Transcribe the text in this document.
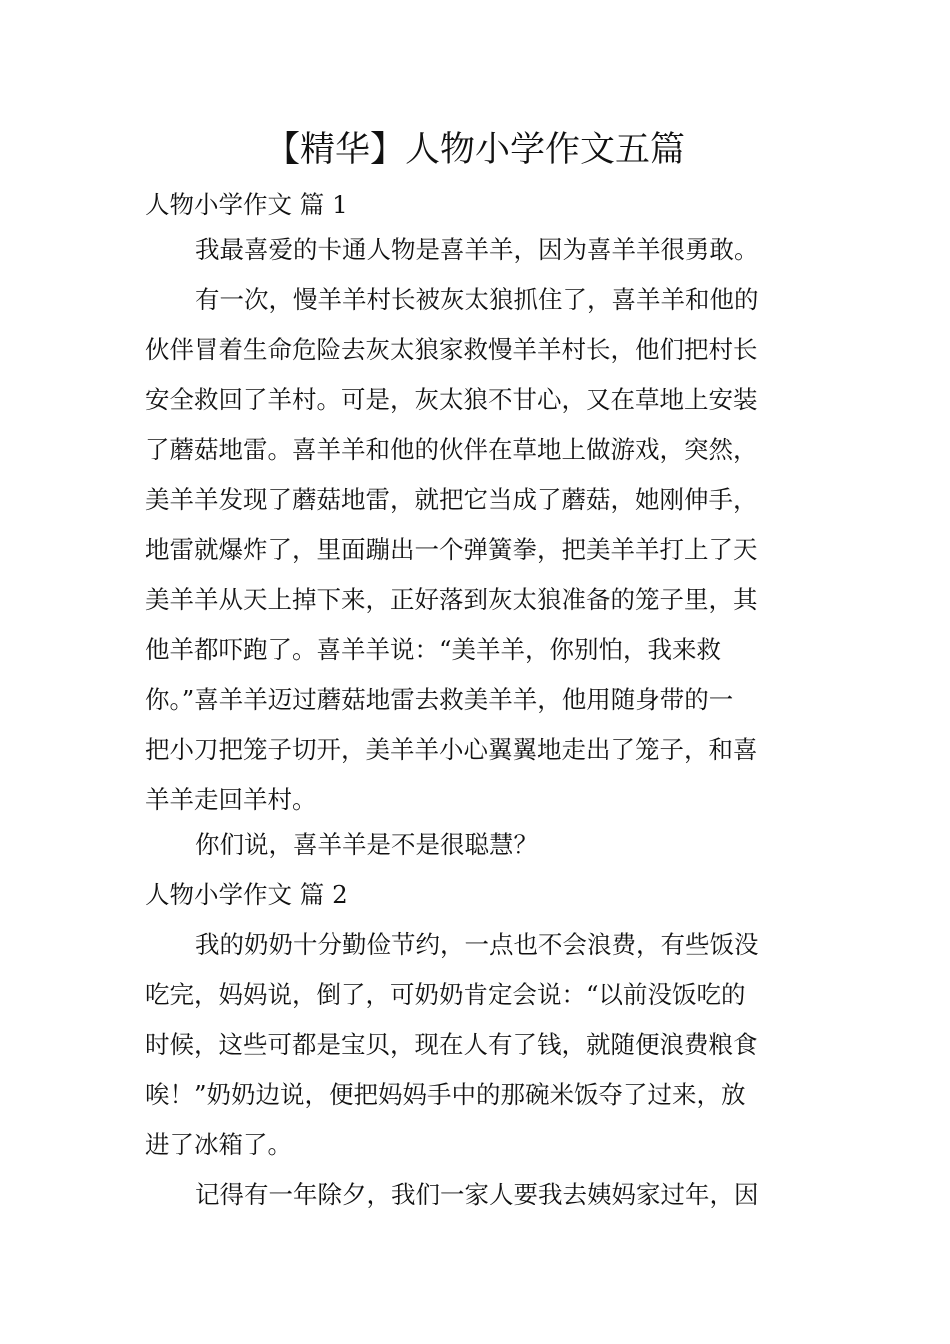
【精华】人物小学作文五篇
人物小学作文 篇 1
我最喜爱的卡通人物是喜羊羊，因为喜羊羊很勇敢。
有一次，慢羊羊村长被灰太狼抓住了，喜羊羊和他的
伙伴冒着生命危险去灰太狼家救慢羊羊村长，他们把村长
安全救回了羊村。可是，灰太狼不甘心，又在草地上安装
了蘑菇地雷。喜羊羊和他的伙伴在草地上做游戏，突然，
美羊羊发现了蘑菇地雷，就把它当成了蘑菇，她刚伸手，
地雷就爆炸了，里面蹦出一个弹簧拳，把美羊羊打上了天
美羊羊从天上掉下来，正好落到灰太狼准备的笼子里，其
他羊都吓跑了。喜羊羊说：“美羊羊，你别怕，我来救
你。”喜羊羊迈过蘑菇地雷去救美羊羊，他用随身带的一
把小刀把笼子切开，美羊羊小心翼翼地走出了笼子，和喜
羊羊走回羊村。
你们说，喜羊羊是不是很聪慧？
人物小学作文 篇 2
我的奶奶十分勤俭节约，一点也不会浪费，有些饭没
吃完，妈妈说，倒了，可奶奶肯定会说：“以前没饭吃的
时候，这些可都是宝贝，现在人有了钱，就随便浪费粮食
唉！”奶奶边说，便把妈妈手中的那碗米饭夺了过来，放
进了冰箱了。
记得有一年除夕，我们一家人要我去姨妈家过年，因
